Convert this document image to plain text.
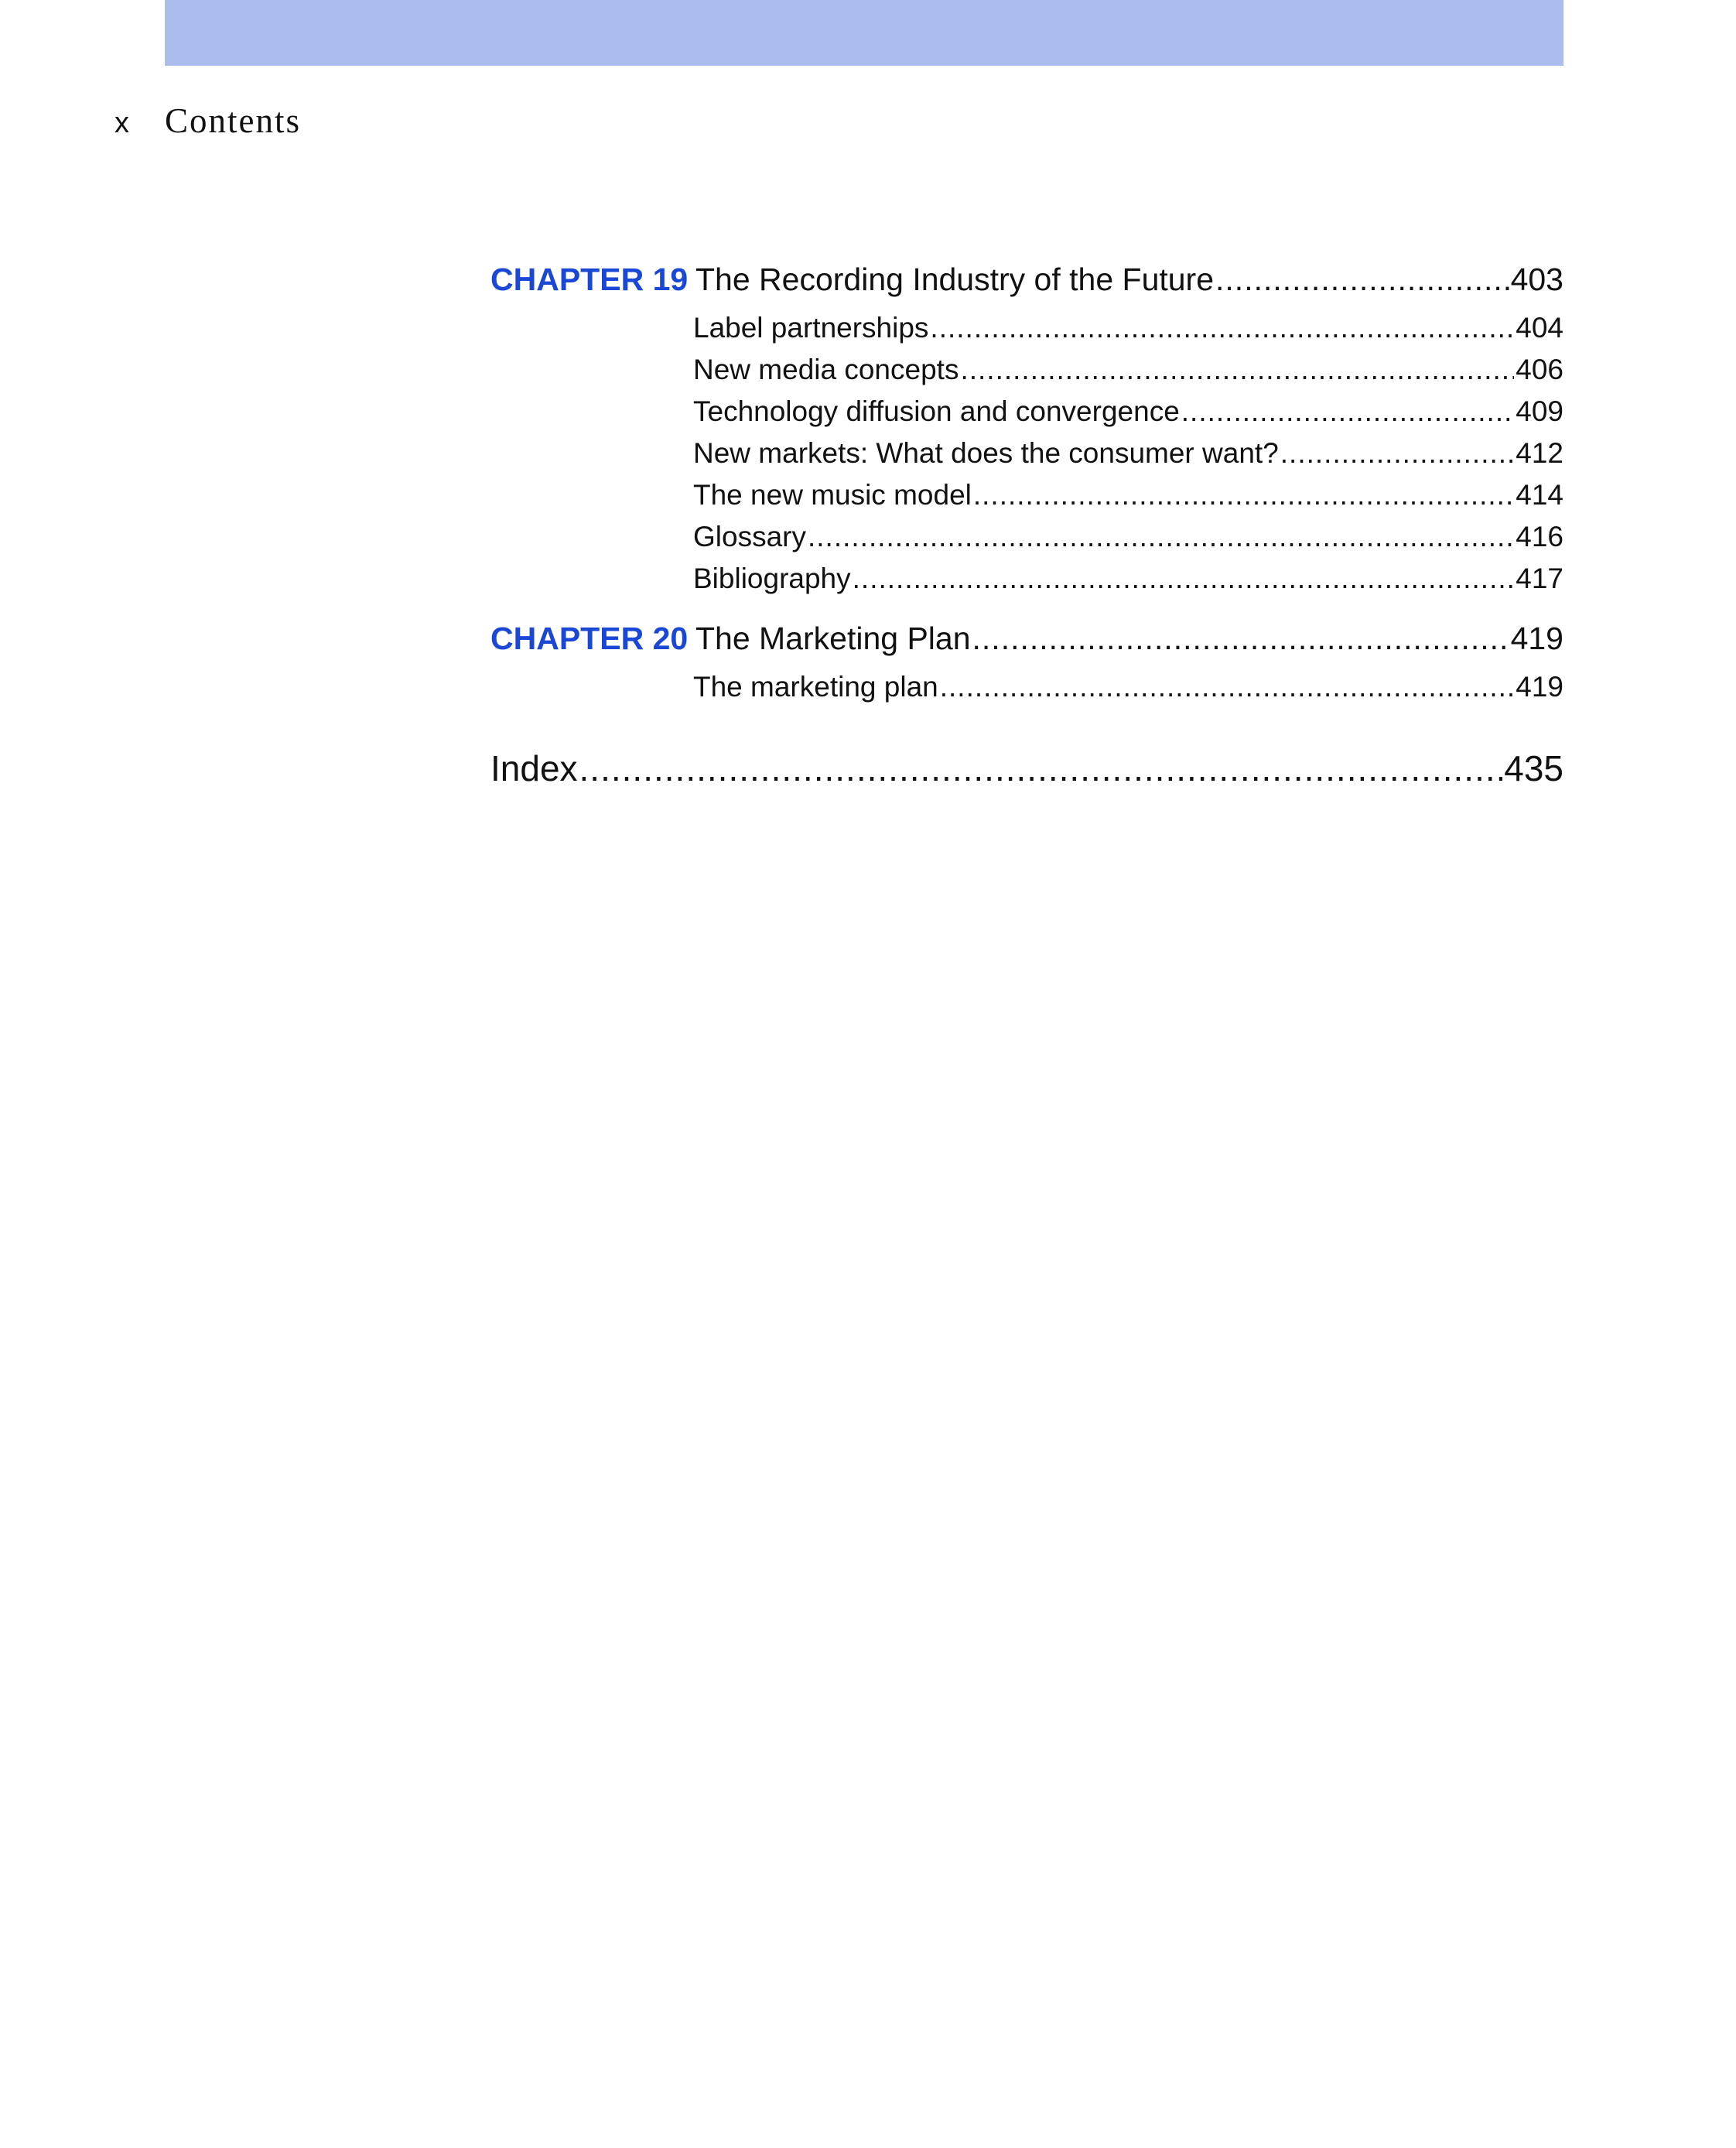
x	Contents
CHAPTER 19 The Recording Industry of the Future .....	403
Label partnerships .....	404
New media concepts .....	406
Technology diffusion and convergence .....	409
New markets: What does the consumer want? .....	412
The new music model .....	414
Glossary .....	416
Bibliography .....	417
CHAPTER 20 The Marketing Plan .....	419
The marketing plan .....	419
Index .....	435
